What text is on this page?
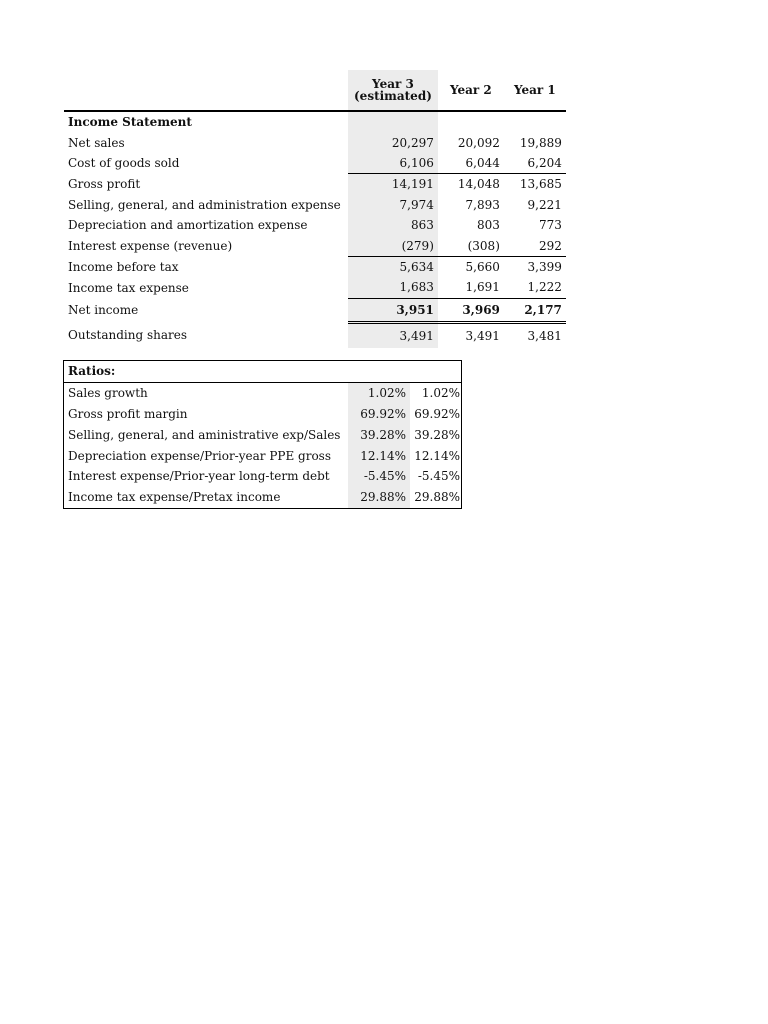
	Year 3
(estimated)	Year 2	Year 1
Income Statement			
Net sales	20,297	20,092	19,889
Cost of goods sold	6,106	6,044	6,204
Gross profit	14,191	14,048	13,685
Selling, general, and administration expense	7,974	7,893	9,221
Depreciation and amortization expense	863	803	773
Interest expense (revenue)	(279)	(308)	292
Income before tax	5,634	5,660	3,399
Income tax expense	1,683	1,691	1,222
Net income	3,951	3,969	2,177
Outstanding shares	3,491	3,491	3,481
Ratios:		
Sales growth	1.02%	1.02%
Gross profit margin	69.92%	69.92%
Selling, general, and aministrative exp/Sales	39.28%	39.28%
Depreciation expense/Prior-year PPE gross	12.14%	12.14%
Interest expense/Prior-year long-term debt	-5.45%	-5.45%
Income tax expense/Pretax income	29.88%	29.88%
